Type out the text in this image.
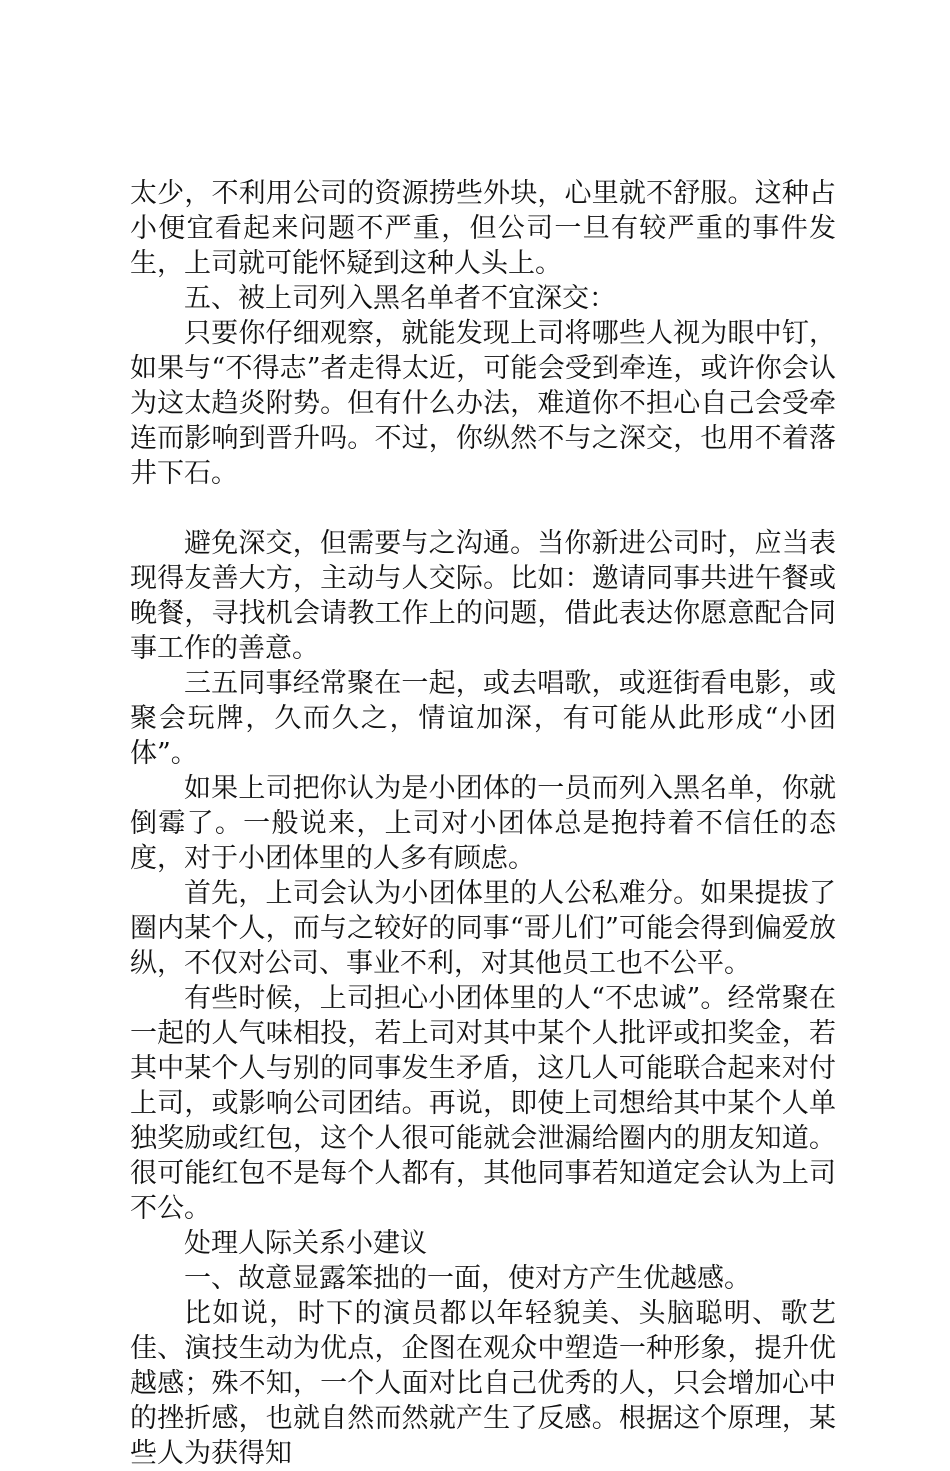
太少，不利用公司的资源捞些外块，心里就不舒服。这种占小便宜看起来问题不严重，但公司一旦有较严重的事件发生，上司就可能怀疑到这种人头上。

五、被上司列入黑名单者不宜深交：

只要你仔细观察，就能发现上司将哪些人视为眼中钉，如果与“不得志”者走得太近，可能会受到牵连，或许你会认为这太趋炎附势。但有什么办法，难道你不担心自己会受牵连而影响到晋升吗。不过，你纵然不与之深交，也用不着落井下石。

避免深交，但需要与之沟通。当你新进公司时，应当表现得友善大方，主动与人交际。比如：邀请同事共进午餐或晚餐，寻找机会请教工作上的问题，借此表达你愿意配合同事工作的善意。

三五同事经常聚在一起，或去唱歌，或逛街看电影，或聚会玩牌，久而久之，情谊加深，有可能从此形成“小团体”。

如果上司把你认为是小团体的一员而列入黑名单，你就倒霉了。一般说来，上司对小团体总是抱持着不信任的态度，对于小团体里的人多有顾虑。

首先，上司会认为小团体里的人公私难分。如果提拔了圈内某个人，而与之较好的同事“哥儿们”可能会得到偏爱放纵，不仅对公司、事业不利，对其他员工也不公平。

有些时候，上司担心小团体里的人“不忠诚”。经常聚在一起的人气味相投，若上司对其中某个人批评或扣奖金，若其中某个人与别的同事发生矛盾，这几人可能联合起来对付上司，或影响公司团结。再说，即使上司想给其中某个人单独奖励或红包，这个人很可能就会泄漏给圈内的朋友知道。很可能红包不是每个人都有，其他同事若知道定会认为上司不公。

处理人际关系小建议

一、故意显露笨拙的一面，使对方产生优越感。

比如说，时下的演员都以年轻貌美、头脑聪明、歌艺佳、演技生动为优点，企图在观众中塑造一种形象，提升优越感；殊不知，一个人面对比自己优秀的人，只会增加心中的挫折感，也就自然而然就产生了反感。根据这个原理，某些人为获得知
